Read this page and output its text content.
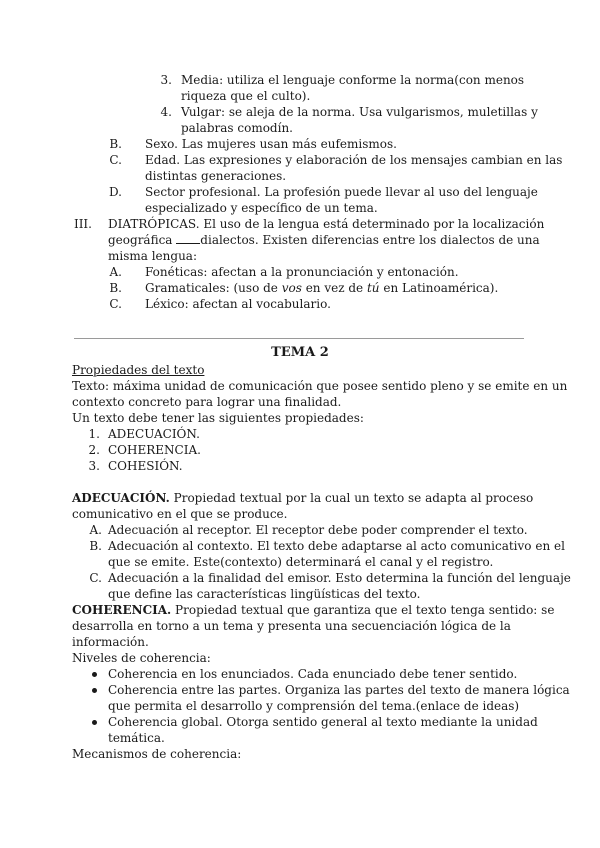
3. Media: utiliza el lenguaje conforme la norma(con menos
riqueza que el culto).
4. Vulgar: se aleja de la norma. Usa vulgarismos, muletillas y
palabras comodín.
B. Sexo. Las mujeres usan más eufemismos.
C. Edad. Las expresiones y elaboración de los mensajes cambian en las
distintas generaciones.
D. Sector profesional. La profesión puede llevar al uso del lenguaje
especializado y específico de un tema.
III. DIATRÓPICAS. El uso de la lengua está determinado por la localización
geográfica dialectos. Existen diferencias entre los dialectos de una
misma lengua:
A. Fonéticas: afectan a la pronunciación y entonación.
B. Gramaticales: (uso de vos en vez de tú en Latinoamérica).
C. Léxico: afectan al vocabulario.
TEMA 2
Propiedades del texto
Texto: máxima unidad de comunicación que posee sentido pleno y se emite en un
contexto concreto para lograr una finalidad.
Un texto debe tener las siguientes propiedades:
1. ADECUACIÓN.
2. COHERENCIA.
3. COHESIÓN.
ADECUACIÓN. Propiedad textual por la cual un texto se adapta al proceso
comunicativo en el que se produce.
A. Adecuación al receptor. El receptor debe poder comprender el texto.
B. Adecuación al contexto. El texto debe adaptarse al acto comunicativo en el
que se emite. Este(contexto) determinará el canal y el registro.
C. Adecuación a la finalidad del emisor. Esto determina la función del lenguaje
que define las características lingüísticas del texto.
COHERENCIA. Propiedad textual que garantiza que el texto tenga sentido: se
desarrolla en torno a un tema y presenta una secuenciación lógica de la
información.
Niveles de coherencia:
Coherencia en los enunciados. Cada enunciado debe tener sentido.
Coherencia entre las partes. Organiza las partes del texto de manera lógica
que permita el desarrollo y comprensión del tema.(enlace de ideas)
Coherencia global. Otorga sentido general al texto mediante la unidad
temática.
Mecanismos de coherencia:
